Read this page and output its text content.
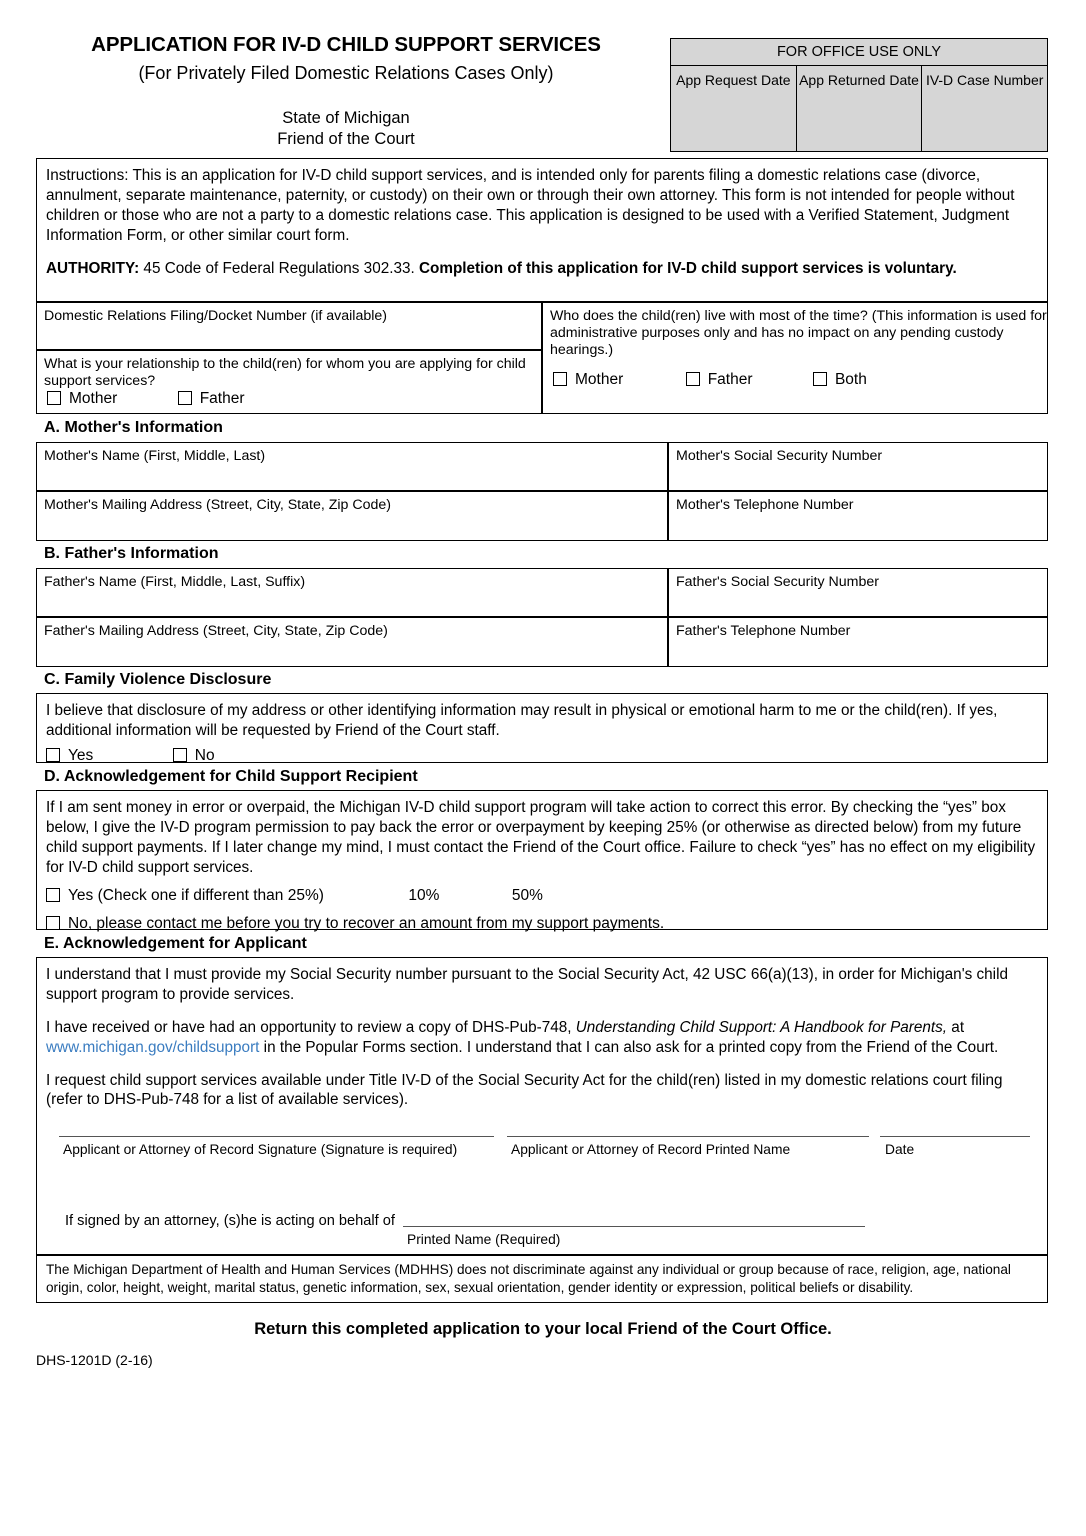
APPLICATION FOR IV-D CHILD SUPPORT SERVICES
(For Privately Filed Domestic Relations Cases Only)
State of Michigan
Friend of the Court
FOR OFFICE USE ONLY
App Request Date App Returned Date IV-D Case Number

Instructions: This is an application for IV-D child support services, and is intended only for parents filing a domestic relations case (divorce, annulment, separate maintenance, paternity, or custody) on their own or through their own attorney. This form is not intended for people without children or those who are not a party to a domestic relations case. This application is designed to be used with a Verified Statement, Judgment Information Form, or other similar court form.

AUTHORITY: 45 Code of Federal Regulations 302.33. Completion of this application for IV-D child support services is voluntary.

Domestic Relations Filing/Docket Number (if available)
What is your relationship to the child(ren) for whom you are applying for child support services?
Mother	Father
Who does the child(ren) live with most of the time? (This information is used for administrative purposes only and has no impact on any pending custody hearings.)
Mother	Father	Both
A. Mother's Information
Mother's Name (First, Middle, Last)	Mother's Social Security Number
Mother's Mailing Address (Street, City, State, Zip Code)	Mother's Telephone Number
B. Father's Information
Father's Name (First, Middle, Last, Suffix)	Father's Social Security Number
Father's Mailing Address (Street, City, State, Zip Code)	Father's Telephone Number
C. Family Violence Disclosure
I believe that disclosure of my address or other identifying information may result in physical or emotional harm to me or the child(ren). If yes, additional information will be requested by Friend of the Court staff.
Yes	No
D. Acknowledgement for Child Support Recipient
If I am sent money in error or overpaid, the Michigan IV-D child support program will take action to correct this error. By checking the “yes” box below, I give the IV-D program permission to pay back the error or overpayment by keeping 25% (or otherwise as directed below) from my future child support payments. If I later change my mind, I must contact the Friend of the Court office. Failure to check “yes” has no effect on my eligibility for IV-D child support services.
Yes (Check one if different than 25%)	10%	50%
No, please contact me before you try to recover an amount from my support payments.
E. Acknowledgement for Applicant

I understand that I must provide my Social Security number pursuant to the Social Security Act, 42 USC 66(a)(13), in order for Michigan's child support program to provide services.

I have received or have had an opportunity to review a copy of DHS-Pub-748, Understanding Child Support: A Handbook for Parents, at www.michigan.gov/childsupport in the Popular Forms section. I understand that I can also ask for a printed copy from the Friend of the Court.

I request child support services available under Title IV-D of the Social Security Act for the child(ren) listed in my domestic relations court filing (refer to DHS-Pub-748 for a list of available services).

Applicant or Attorney of Record Signature (Signature is required)	Applicant or Attorney of Record Printed Name	Date
If signed by an attorney, (s)he is acting on behalf of
Printed Name (Required)
The Michigan Department of Health and Human Services (MDHHS) does not discriminate against any individual or group because of race, religion, age, national origin, color, height, weight, marital status, genetic information, sex, sexual orientation, gender identity or expression, political beliefs or disability.
Return this completed application to your local Friend of the Court Office.
DHS-1201D (2-16)
